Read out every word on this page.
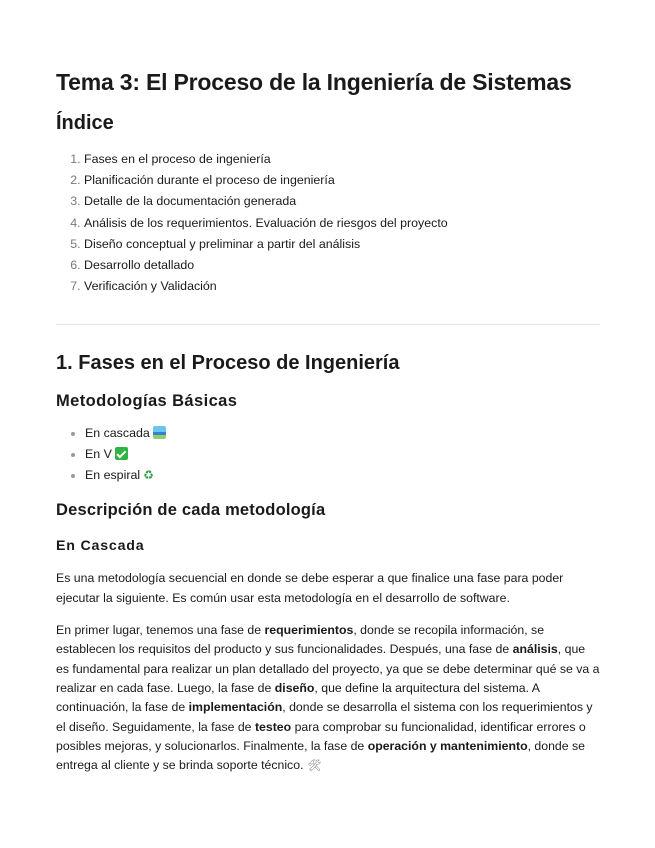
Tema 3: El Proceso de la Ingeniería de Sistemas
Índice
1. Fases en el proceso de ingeniería
2. Planificación durante el proceso de ingeniería
3. Detalle de la documentación generada
4. Análisis de los requerimientos. Evaluación de riesgos del proyecto
5. Diseño conceptual y preliminar a partir del análisis
6. Desarrollo detallado
7. Verificación y Validación
1. Fases en el Proceso de Ingeniería
Metodologías Básicas
• En cascada
• En V
• En espiral ♻
Descripción de cada metodología
En Cascada

Es una metodología secuencial en donde se debe esperar a que finalice una fase para poder ejecutar la siguiente. Es común usar esta metodología en el desarrollo de software.

En primer lugar, tenemos una fase de requerimientos, donde se recopila información, se establecen los requisitos del producto y sus funcionalidades. Después, una fase de análisis, que es fundamental para realizar un plan detallado del proyecto, ya que se debe determinar qué se va a realizar en cada fase. Luego, la fase de diseño, que define la arquitectura del sistema. A continuación, la fase de implementación, donde se desarrolla el sistema con los requerimientos y el diseño. Seguidamente, la fase de testeo para comprobar su funcionalidad, identificar errores o posibles mejoras, y solucionarlos. Finalmente, la fase de operación y mantenimiento, donde se entrega al cliente y se brinda soporte técnico. 🛠
